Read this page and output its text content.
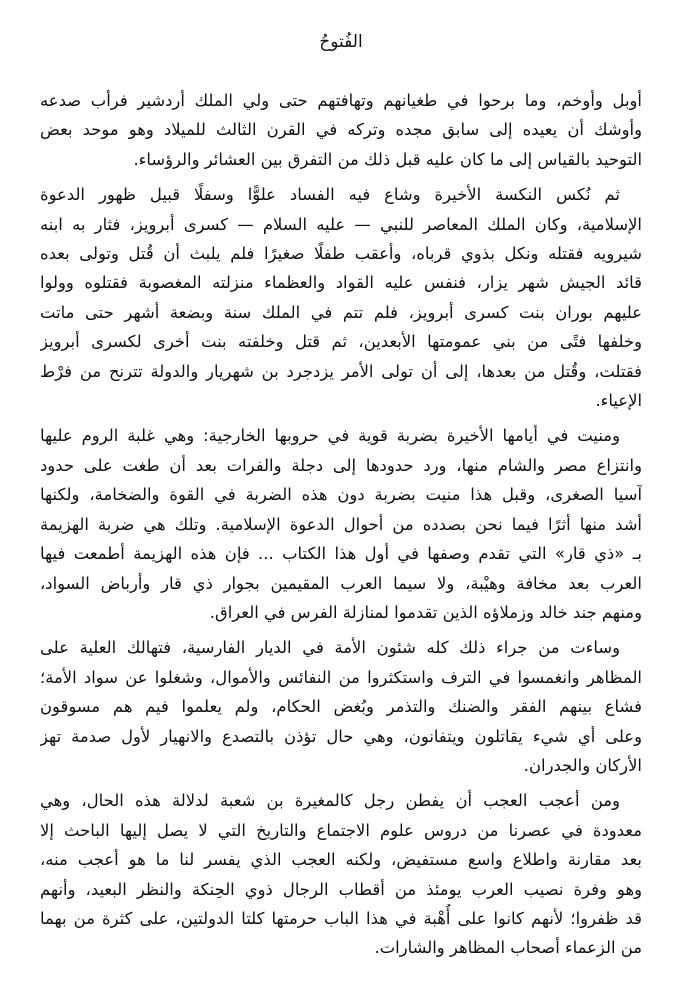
الفُتوحُ

أوبل وأوخم، وما برحوا في طغيانهم وتهافتهم حتى ولي الملك أردشير فرأب صدعه
وأوشك أن يعيده إلى سابق مجده وتركه في القرن الثالث للميلاد وهو موحد بعض
التوحيد بالقياس إلى ما كان عليه قبل ذلك من التفرق بين العشائر والرؤساء.

ثم نُكس النكسة الأخيرة وشاع فيه الفساد علوًّا وسفلًا قبيل ظهور الدعوة
الإسلامية، وكان الملك المعاصر للنبي — عليه السلام — كسرى أبرويز، فثار به ابنه
شيرويه فقتله ونكل بذوي قرباه، وأعقب طفلًا صغيرًا فلم يلبث أن قُتل وتولى بعده
قائد الجيش شهر يزار، فنفس عليه القواد والعظماء منزلته المغصوبة فقتلوه وولوا
عليهم بوران بنت كسرى أبرويز، فلم تتم في الملك سنة وبضعة أشهر حتى ماتت
وخلفها فتًى من بني عمومتها الأبعدين، ثم قتل وخلفته بنت أخرى لكسرى أبرويز
فقتلت، وقُتل من بعدها، إلى أن تولى الأمر يزدجرد بن شهريار والدولة تترنح من فرْط
الإعياء.

ومنيت في أيامها الأخيرة بضربة قوية في حروبها الخارجية: وهي غلبة الروم عليها
وانتزاع مصر والشام منها، ورد حدودها إلى دجلة والفرات بعد أن طغت على حدود
آسيا الصغرى، وقبل هذا منيت بضربة دون هذه الضربة في القوة والضخامة، ولكنها
أشد منها أثرًا فيما نحن بصدده من أحوال الدعوة الإسلامية. وتلك هي ضربة الهزيمة
بـ «ذي قار» التي تقدم وصفها في أول هذا الكتاب ... فإن هذه الهزيمة أطمعت فيها
العرب بعد مخافة وهيْبة، ولا سيما العرب المقيمين بجوار ذي قار وأرباض السواد،
ومنهم جند خالد وزملاؤه الذين تقدموا لمنازلة الفرس في العراق.

وساءت من جراء ذلك كله شئون الأمة في الديار الفارسية، فتهالك العلية على
المظاهر وانغمسوا في الترف واستكثروا من النفائس والأموال، وشغلوا عن سواد الأمة؛
فشاع بينهم الفقر والضنك والتذمر وبُغض الحكام، ولم يعلموا فيم هم مسوقون
وعلى أي شيء يقاتلون ويتفانون، وهي حال تؤذن بالتصدع والانهيار لأول صدمة تهز
الأركان والجدران.

ومن أعجب العجب أن يفطن رجل كالمغيرة بن شعبة لدلالة هذه الحال، وهي
معدودة في عصرنا من دروس علوم الاجتماع والتاريخ التي لا يصل إليها الباحث إلا
بعد مقارنة واطلاع واسع مستفيض، ولكنه العجب الذي يفسر لنا ما هو أعجب منه،
وهو وفرة نصيب العرب يومئذ من أقطاب الرجال ذوي الحِنكة والنظر البعيد، وأنهم
قد ظفروا؛ لأنهم كانوا على أُهْبة في هذا الباب حرمتها كلتا الدولتين، على كثرة من بهما
من الزعماء أصحاب المظاهر والشارات.
